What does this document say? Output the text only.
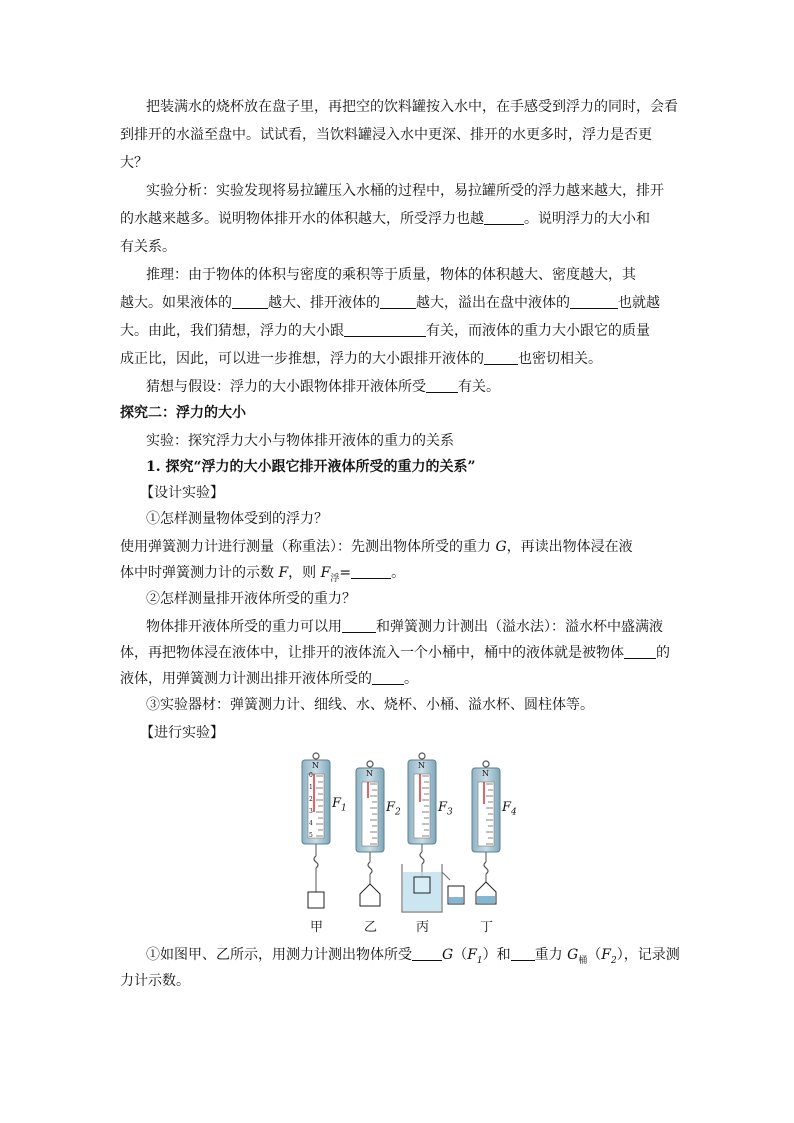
把装满水的烧杯放在盘子里，再把空的饮料罐按入水中，在手感受到浮力的同时，会看
到排开的水溢至盘中。试试看，当饮料罐浸入水中更深、排开的水更多时，浮力是否更
大？
实验分析：实验发现将易拉罐压入水桶的过程中，易拉罐所受的浮力越来越大，排开
的水越来越多。说明物体排开水的体积越大，所受浮力也越	。说明浮力的大小和
有关系。
推理：由于物体的体积与密度的乘积等于质量，物体的体积越大、密度越大，其
越大。如果液体的	越大、排开液体的	越大，溢出在盘中液体的	也就越
大。由此，我们猜想，浮力的大小跟	有关，而液体的重力大小跟它的质量
成正比，因此，可以进一步推想，浮力的大小跟排开液体的 也密切相关。
猜想与假设：浮力的大小跟物体排开液体所受 有关。
探究二：浮力的大小
实验：探究浮力大小与物体排开液体的重力的关系
1. 探究“浮力的大小跟它排开液体所受的重力的关系”
【设计实验】
①怎样测量物体受到的浮力？
使用弹簧测力计进行测量（称重法）：先测出物体所受的重力 G，再读出物体浸在液
体中时弹簧测力计的示数 F，则 $F_浮=$	。
②怎样测量排开液体所受的重力？
物体排开液体所受的重力可以用 和弹簧测力计测出（溢水法）：溢水杯中盛满液
体，再把物体浸在液体中，让排开的液体流入一个小桶中，桶中的液体就是被物体 的
液体，用弹簧测力计测出排开液体所受的 。
③实验器材：弹簧测力计、细线、水、烧杯、小桶、溢水杯、圆柱体等。
【进行实验】
N
N
N
N
0
1
2
3
4
5
$F_1$	$F_2$	$F_3$	$F_4$
甲	乙	丙	丁
①如图甲、乙所示，用测力计测出物体所受 $G(F_1)$和 重力 $G_桶(F_2)$，记录测
力计示数。
